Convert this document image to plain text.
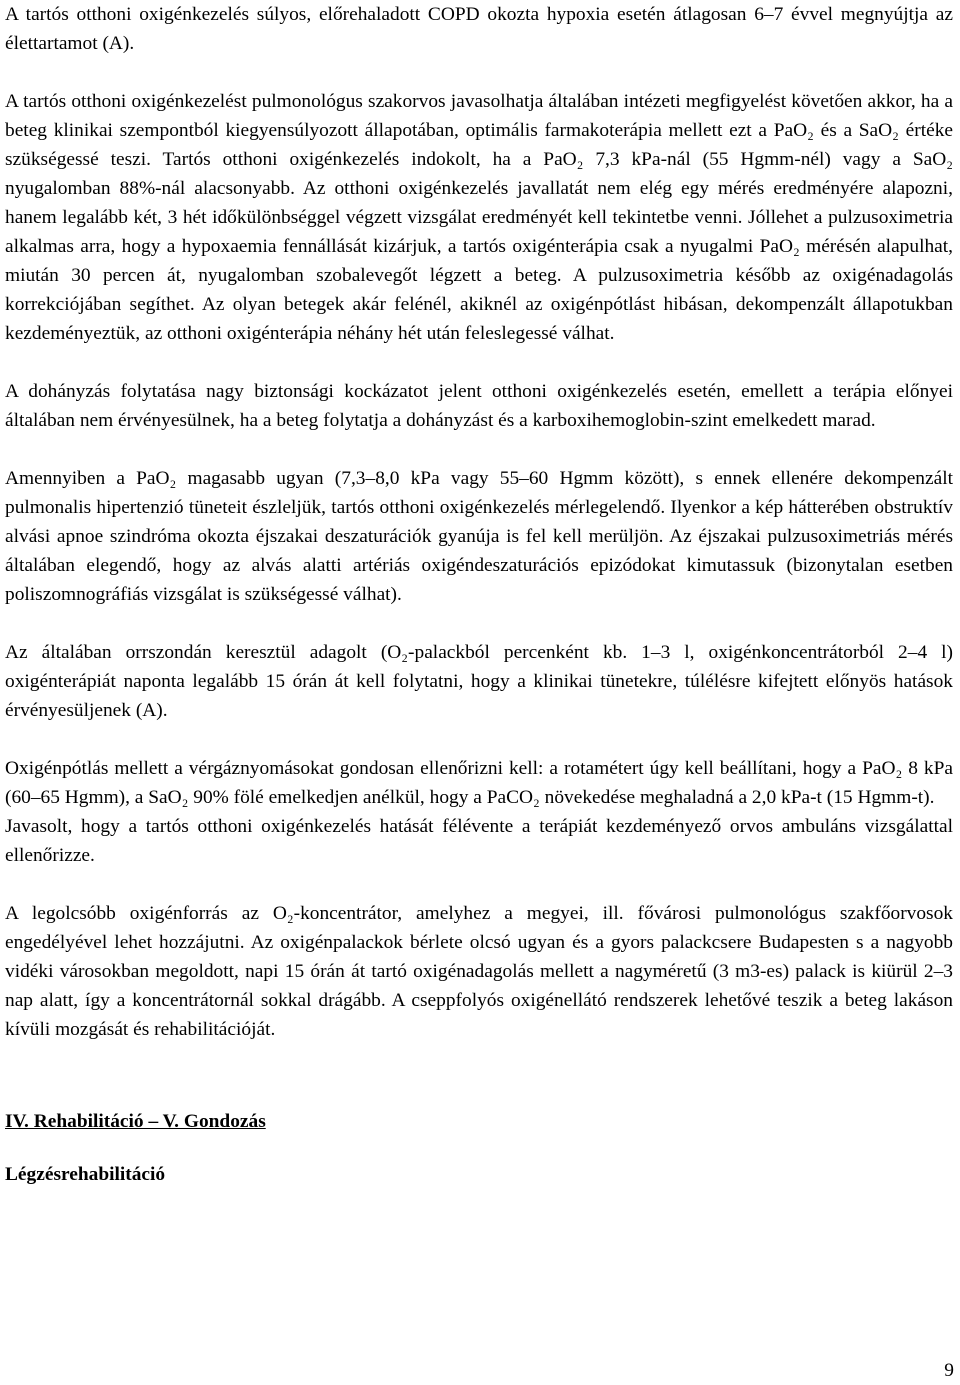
A tartós otthoni oxigénkezelés súlyos, előrehaladott COPD okozta hypoxia esetén átlagosan 6–7 évvel megnyújtja az élettartamot (A).

A tartós otthoni oxigénkezelést pulmonológus szakorvos javasolhatja általában intézeti megfigyelést követően akkor, ha a beteg klinikai szempontból kiegyensúlyozott állapotában, optimális farmakoterápia mellett ezt a PaO₂ és a SaO₂ értéke szükségessé teszi. Tartós otthoni oxigénkezelés indokolt, ha a PaO₂ 7,3 kPa-nál (55 Hgmm-nél) vagy a SaO₂ nyugalomban 88%-nál alacsonyabb. Az otthoni oxigénkezelés javallatát nem elég egy mérés eredményére alapozni, hanem legalább két, 3 hét időkülönbséggel végzett vizsgálat eredményét kell tekintetbe venni. Jóllehet a pulzusoximetria alkalmas arra, hogy a hypoxaemia fennállását kizárjuk, a tartós oxigénterápia csak a nyugalmi PaO₂ mérésén alapulhat, miután 30 percen át, nyugalomban szobalevegőt légzett a beteg. A pulzusoximetria később az oxigénadagolás korrekciójában segíthet. Az olyan betegek akár felénél, akiknél az oxigénpótlást hibásan, dekompenzált állapotukban kezdeményeztük, az otthoni oxigénterápia néhány hét után feleslegessé válhat.

A dohányzás folytatása nagy biztonsági kockázatot jelent otthoni oxigénkezelés esetén, emellett a terápia előnyei általában nem érvényesülnek, ha a beteg folytatja a dohányzást és a karboxihemoglobin-szint emelkedett marad.

Amennyiben a PaO₂ magasabb ugyan (7,3–8,0 kPa vagy 55–60 Hgmm között), s ennek ellenére dekompenzált pulmonalis hipertenzió tüneteit észleljük, tartós otthoni oxigénkezelés mérlegelendő. Ilyenkor a kép hátterében obstruktív alvási apnoe szindróma okozta éjszakai deszaturációk gyanúja is fel kell merüljön. Az éjszakai pulzusoximetriás mérés általában elegendő, hogy az alvás alatti artériás oxigéndeszaturációs epizódokat kimutassuk (bizonytalan esetben poliszomnográfiás vizsgálat is szükségessé válhat).

Az általában orrszondán keresztül adagolt (O₂-palackból percenként kb. 1–3 l, oxigénkoncentrátorból 2–4 l) oxigénterápiát naponta legalább 15 órán át kell folytatni, hogy a klinikai tünetekre, túlélésre kifejtett előnyös hatások érvényesüljenek (A).

Oxigénpótlás mellett a vérgáznyomásokat gondosan ellenőrizni kell: a rotamétert úgy kell beállítani, hogy a PaO₂ 8 kPa (60–65 Hgmm), a SaO₂ 90% fölé emelkedjen anélkül, hogy a PaCO₂ növekedése meghaladná a 2,0 kPa-t (15 Hgmm-t).

Javasolt, hogy a tartós otthoni oxigénkezelés hatását félévente a terápiát kezdeményező orvos ambuláns vizsgálattal ellenőrizze.

A legolcsóbb oxigénforrás az O₂-koncentrátor, amelyhez a megyei, ill. fővárosi pulmonológus szakfőorvosok engedélyével lehet hozzájutni. Az oxigénpalackok bérlete olcsó ugyan és a gyors palackcsere Budapesten s a nagyobb vidéki városokban megoldott, napi 15 órán át tartó oxigénadagolás mellett a nagyméretű (3 m3-es) palack is kiürül 2–3 nap alatt, így a koncentrátornál sokkal drágább. A cseppfolyós oxigénellátó rendszerek lehetővé teszik a beteg lakáson kívüli mozgását és rehabilitációját.

IV. Rehabilitáció – V. Gondozás

Légzésrehabilitáció

9
